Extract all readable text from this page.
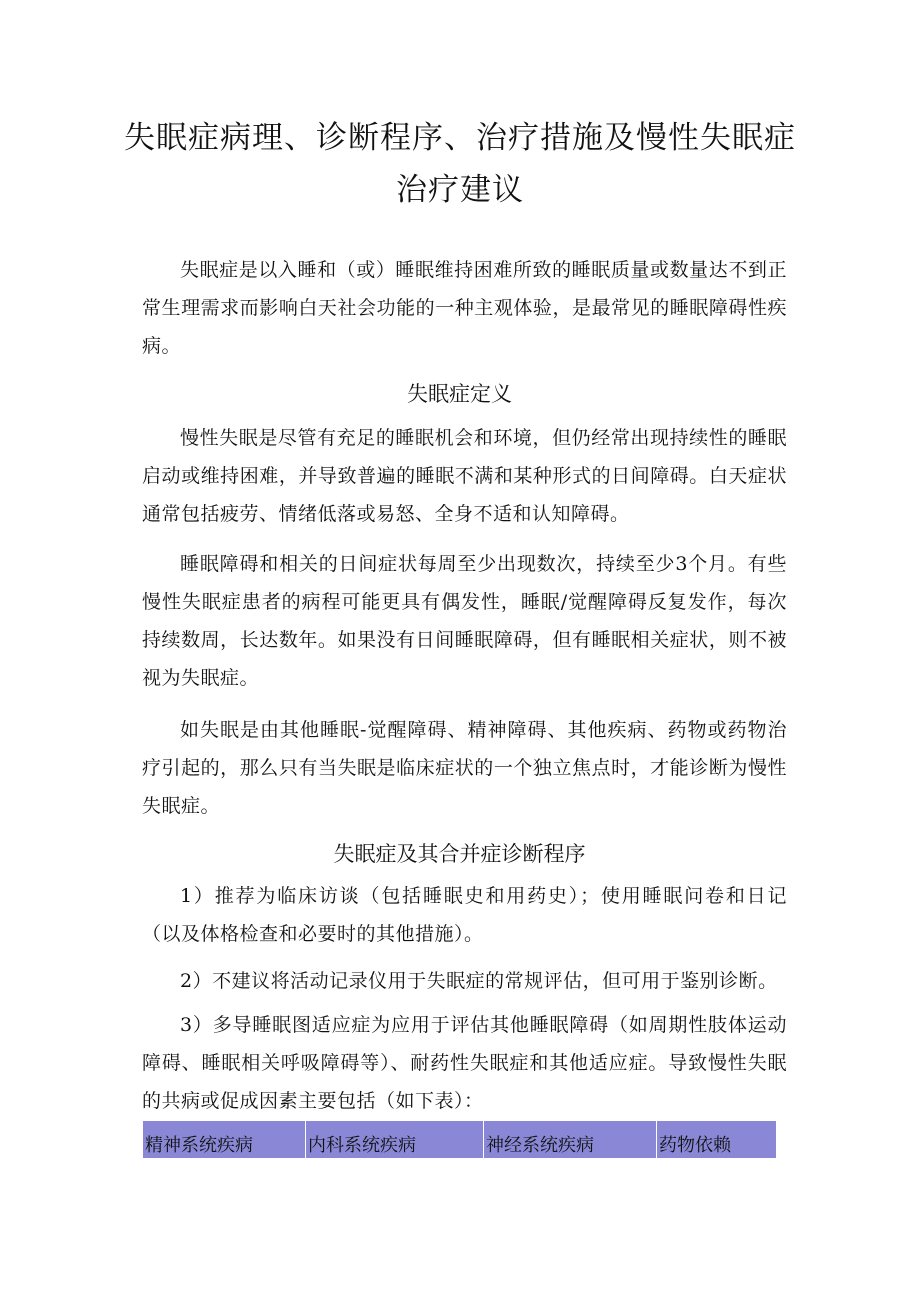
失眠症病理、诊断程序、治疗措施及慢性失眠症治疗建议

失眠症是以入睡和（或）睡眠维持困难所致的睡眠质量或数量达不到正常生理需求而影响白天社会功能的一种主观体验，是最常见的睡眠障碍性疾病。

失眠症定义

慢性失眠是尽管有充足的睡眠机会和环境，但仍经常出现持续性的睡眠启动或维持困难，并导致普遍的睡眠不满和某种形式的日间障碍。白天症状通常包括疲劳、情绪低落或易怒、全身不适和认知障碍。

睡眠障碍和相关的日间症状每周至少出现数次，持续至少3个月。有些慢性失眠症患者的病程可能更具有偶发性，睡眠/觉醒障碍反复发作，每次持续数周，长达数年。如果没有日间睡眠障碍，但有睡眠相关症状，则不被视为失眠症。

如失眠是由其他睡眠-觉醒障碍、精神障碍、其他疾病、药物或药物治疗引起的，那么只有当失眠是临床症状的一个独立焦点时，才能诊断为慢性失眠症。

失眠症及其合并症诊断程序

1）推荐为临床访谈（包括睡眠史和用药史）；使用睡眠问卷和日记（以及体格检查和必要时的其他措施）。

2）不建议将活动记录仪用于失眠症的常规评估，但可用于鉴别诊断。

3）多导睡眠图适应症为应用于评估其他睡眠障碍（如周期性肢体运动障碍、睡眠相关呼吸障碍等）、耐药性失眠症和其他适应症。导致慢性失眠的共病或促成因素主要包括（如下表）：

精神系统疾病	内科系统疾病	神经系统疾病	药物依赖
